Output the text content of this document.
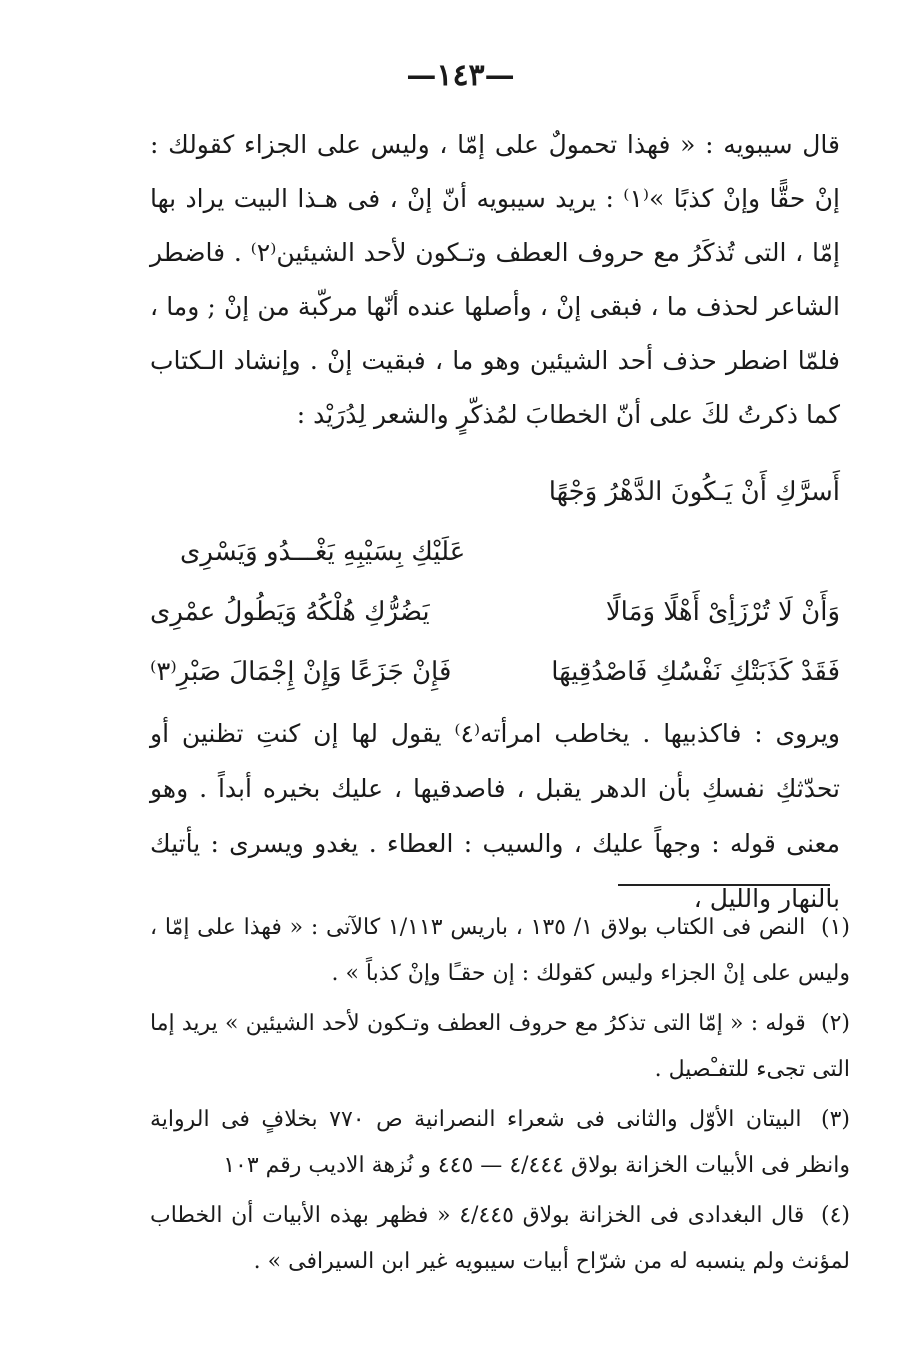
—١٤٣—

قال سيبويه : « فهذا تحمولٌ على إمّا ، وليس على الجزاء كقولك : إنْ حقًّا وإنْ كذبًا »⁽١⁾ : يريد سيبويه أنّ إنْ ، فى هـذا البيت يراد بها إمّا ، التى تُذكَرُ مع حروف العطف وتـكون لأحد الشيئين⁽٢⁾ . فاضطر الشاعر لحذف ما ، فبقى إنْ ، وأصلها عنده أنّها مركّبة من إنْ ; وما ، فلمّا اضطر حذف أحد الشيئين وهو ما ، فبقيت إنْ . وإنشاد الـكتاب كما ذكرتُ لكَ على أنّ الخطابَ لمُذكّرٍ والشعر لِدُرَيْد :

أَسرَّكِ أَنْ يَـكُونَ الدَّهْرُ وَجْهًا
عَلَيْكِ بِسَيْبِهِ يَغْـــدُو وَيَسْرِى
وَأَنْ لَا تُرْزَأِىْ أَهْلًا وَمَالًا
يَضُرُّكِ هُلْكُهُ وَيَطُولُ عمْرِى
فَقَدْ كَذَبَتْكِ نَفْسُكِ فَاصْدُقِيهَا
فَإِنْ جَزَعًا وَإِنْ إِجْمَالَ صَبْرِ⁽٣⁾

ويروى : فاكذبيها . يخاطب امرأته⁽٤⁾ يقول لها إن كنتِ تظنين أو تحدّثكِ نفسكِ بأن الدهر يقبل ، فاصدقيها ، عليك بخيره أبداً . وهو معنى قوله : وجهاً عليك ، والسيب : العطاء . يغدو ويسرى : يأتيك بالنهار والليل ،

(١) النص فى الكتاب بولاق ١/ ١٣٥ ، باريس ١/١١٣ كالآتى : « فهذا على إمّا ، وليس على إنْ الجزاء وليس كقولك : إن حقـًا وإنْ كذباً » .

(٢) قوله : « إمّا التى تذكرُ مع حروف العطف وتـكون لأحد الشيئين » يريد إما التى تجىء للتفـْصيل .

(٣) البيتان الأوّل والثانى فى شعراء النصرانية ص ٧٧٠ بخلافٍ فى الرواية وانظر فى الأبيات الخزانة بولاق ٤/٤٤٤ — ٤٤٥ و نُزهة الاديب رقم ١٠٣

(٤) قال البغدادى فى الخزانة بولاق ٤/٤٤٥ « فظهر بهذه الأبيات أن الخطاب لمؤنث ولم ينسبه له من شرّاح أبيات سيبويه غير ابن السيرافى » .
